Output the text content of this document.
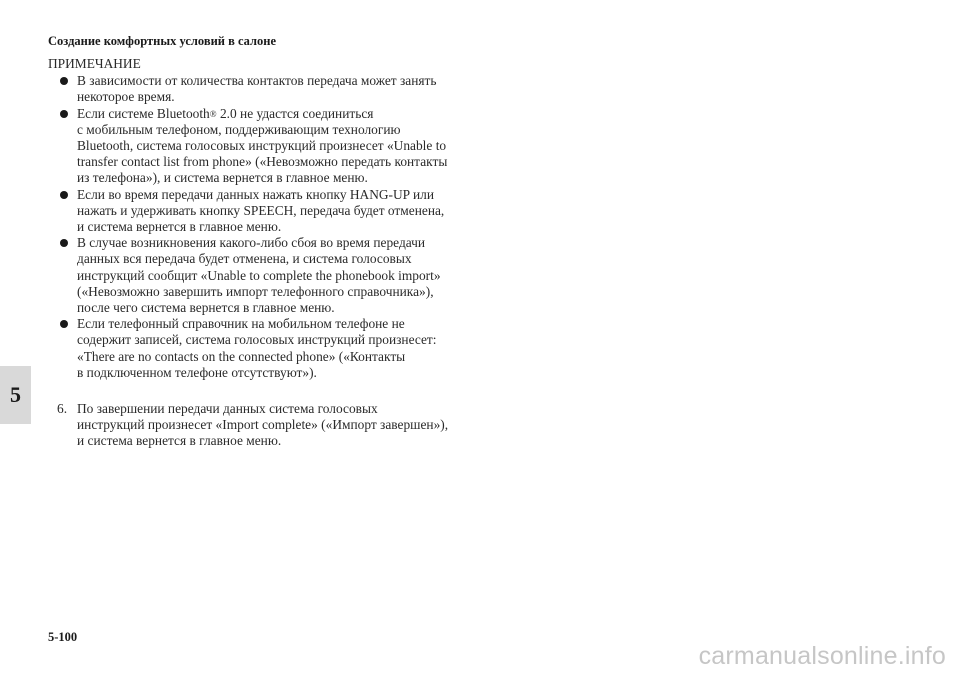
Создание комфортных условий в салоне
ПРИМЕЧАНИЕ
В зависимости от количества контактов передача может занять
некоторое время.
Если системе Bluetooth® 2.0 не удастся соединиться
с мобильным телефоном, поддерживающим технологию
Bluetooth, система голосовых инструкций произнесет «Unable to
transfer contact list from phone» («Невозможно передать контакты
из телефона»), и система вернется в главное меню.
Если во время передачи данных нажать кнопку HANG-UP или
нажать и удерживать кнопку SPEECH, передача будет отменена,
и система вернется в главное меню.
В случае возникновения какого-либо сбоя во время передачи
данных вся передача будет отменена, и система голосовых
инструкций сообщит «Unable to complete the phonebook import»
(«Невозможно завершить импорт телефонного справочника»),
после чего система вернется в главное меню.
Если телефонный справочник на мобильном телефоне не
содержит записей, система голосовых инструкций произнесет:
«There are no contacts on the connected phone» («Контакты
в подключенном телефоне отсутствуют»).
6. По завершении передачи данных система голосовых
инструкций произнесет «Import complete» («Импорт завершен»),
и система вернется в главное меню.
5
5-100
carmanualsonline.info
